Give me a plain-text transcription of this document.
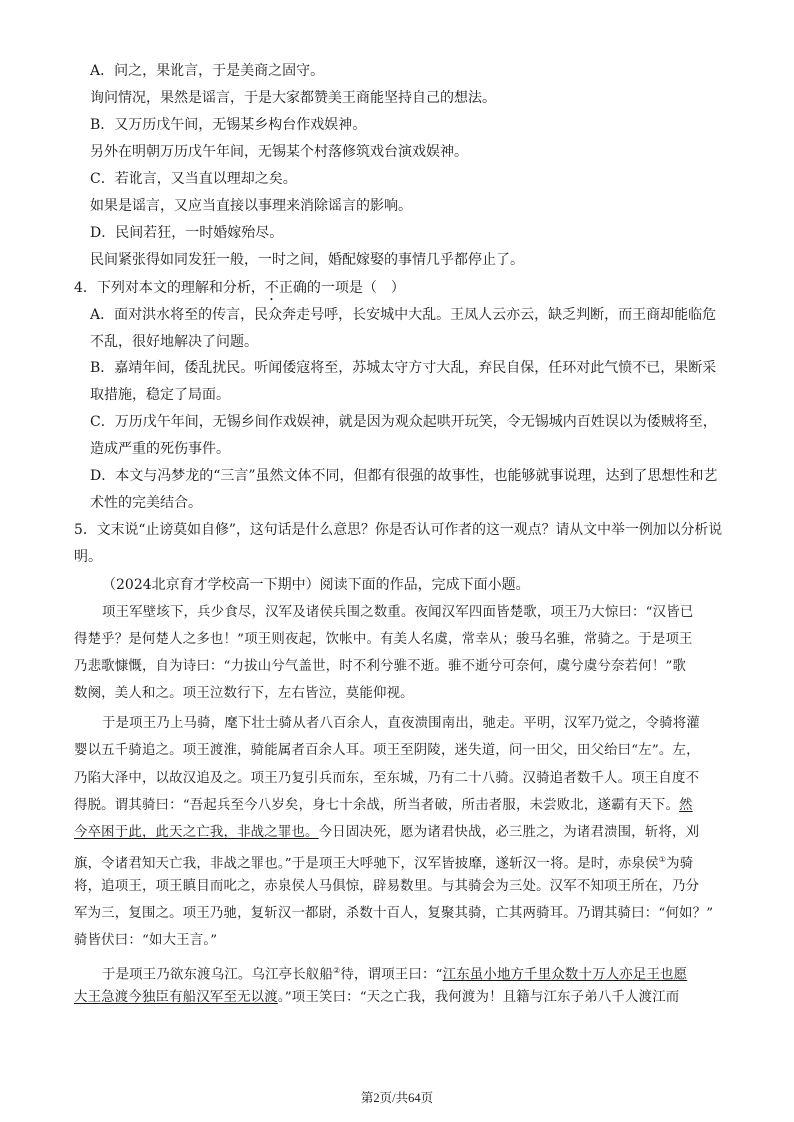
A．问之，果讹言，于是美商之固守。
询问情况，果然是谣言，于是大家都赞美王商能坚持自己的想法。
B．又万历戊午间，无锡某乡构台作戏娱神。
另外在明朝万历戊午年间，无锡某个村落修筑戏台演戏娱神。
C．若讹言，又当直以理却之矣。
如果是谣言，又应当直接以事理来消除谣言的影响。
D．民间若狂，一时婚嫁殆尽。
民间紧张得如同发狂一般，一时之间，婚配嫁娶的事情几乎都停止了。
4．下列对本文的理解和分析，不正确的一项是（　）
A．面对洪水将至的传言，民众奔走号呼，长安城中大乱。王凤人云亦云，缺乏判断，而王商却能临危
不乱，很好地解决了问题。
B．嘉靖年间，倭乱扰民。听闻倭寇将至，苏城太守方寸大乱，弃民自保，任环对此气愤不已，果断采
取措施，稳定了局面。
C．万历戊午年间，无锡乡间作戏娱神，就是因为观众起哄开玩笑，令无锡城内百姓误以为倭贼将至，
造成严重的死伤事件。
D．本文与冯梦龙的“三言”虽然文体不同，但都有很强的故事性，也能够就事说理，达到了思想性和艺
术性的完美结合。
5．文末说“止谤莫如自修”，这句话是什么意思？你是否认可作者的这一观点？请从文中举一例加以分析说
明。
（2024北京育才学校高一下期中）阅读下面的作品，完成下面小题。
项王军壁垓下，兵少食尽，汉军及诸侯兵围之数重。夜闻汉军四面皆楚歌，项王乃大惊曰：“汉皆已
得楚乎？是何楚人之多也！”项王则夜起，饮帐中。有美人名虞，常幸从；骏马名骓，常骑之。于是项王
乃悲歌慷慨，自为诗曰：“力拔山兮气盖世，时不利兮骓不逝。骓不逝兮可奈何，虞兮虞兮奈若何！”歌
数阕，美人和之。项王泣数行下，左右皆泣，莫能仰视。
于是项王乃上马骑，麾下壮士骑从者八百余人，直夜溃围南出，驰走。平明，汉军乃觉之，令骑将灌
婴以五千骑追之。项王渡淮，骑能属者百余人耳。项王至阴陵，迷失道，问一田父，田父绐曰“左”。左，
乃陷大泽中，以故汉追及之。项王乃复引兵而东，至东城，乃有二十八骑。汉骑追者数千人。项王自度不
得脱。谓其骑曰：“吾起兵至今八岁矣，身七十余战，所当者破，所击者服，未尝败北，遂霸有天下。然
今卒困于此，此天之亡我，非战之罪也。今日固决死，愿为诸君快战，必三胜之，为诸君溃围，斩将，刈
旗，令诸君知天亡我，非战之罪也。”于是项王大呼驰下，汉军皆披靡，遂斩汉一将。是时，赤泉侯①为骑
将，追项王，项王瞋目而叱之，赤泉侯人马俱惊，辟易数里。与其骑会为三处。汉军不知项王所在，乃分
军为三，复围之。项王乃驰，复斩汉一都尉，杀数十百人，复聚其骑，亡其两骑耳。乃谓其骑曰：“何如？”
骑皆伏曰：“如大王言。”
于是项王乃欲东渡乌江。乌江亭长舣船②待，谓项王曰：“江东虽小地方千里众数十万人亦足王也愿
大王急渡今独臣有船汉军至无以渡。”项王笑曰：“天之亡我，我何渡为！且籍与江东子弟八千人渡江而
第2页/共64页
